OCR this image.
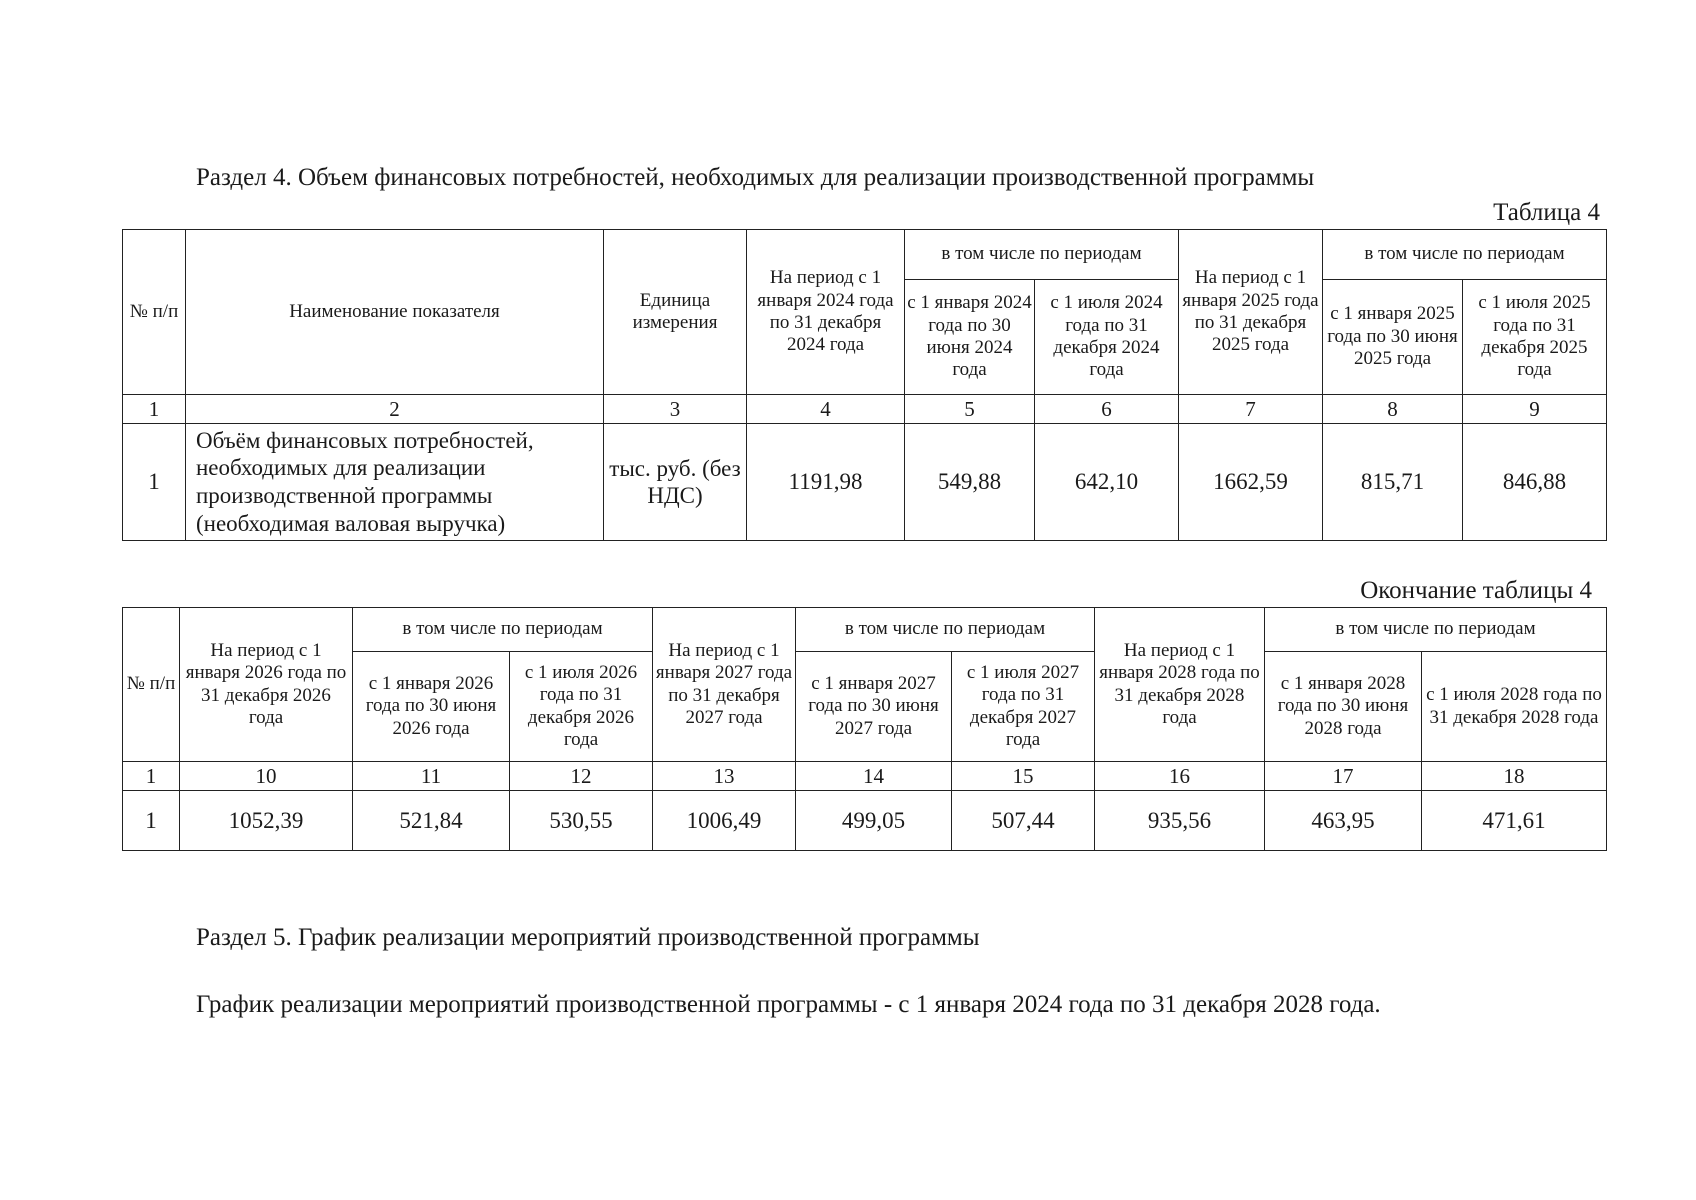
Раздел 4. Объем финансовых потребностей, необходимых для реализации производственной программы
Таблица 4
№ п/п	Наименование показателя	Единица измерения	На период с 1 января 2024 года по 31 декабря 2024 года	в том числе по периодам		На период с 1 января 2025 года по 31 декабря 2025 года	в том числе по периодам	
				с 1 января 2024 года по 30 июня 2024 года	с 1 июля 2024 года по 31 декабря 2024 года		с 1 января 2025 года по 30 июня 2025 года	с 1 июля 2025 года по 31 декабря 2025 года
1	2	3	4	5	6	7	8	9
1	Объём финансовых потребностей, необходимых для реализации производственной программы (необходимая валовая выручка)	тыс. руб. (без НДС)	1191,98	549,88	642,10	1662,59	815,71	846,88
Окончание таблицы 4
№ п/п	На период с 1 января 2026 года по 31 декабря 2026 года	в том числе по периодам		На период с 1 января 2027 года по 31 декабря 2027 года	в том числе по периодам		На период с 1 января 2028 года по 31 декабря 2028 года	в том числе по периодам	
		с 1 января 2026 года по 30 июня 2026 года	с 1 июля 2026 года по 31 декабря 2026 года		с 1 января 2027 года по 30 июня 2027 года	с 1 июля 2027 года по 31 декабря 2027 года		с 1 января 2028 года по 30 июня 2028 года	с 1 июля 2028 года по 31 декабря 2028 года
1	10	11	12	13	14	15	16	17	18
1	1052,39	521,84	530,55	1006,49	499,05	507,44	935,56	463,95	471,61
Раздел 5. График реализации мероприятий производственной программы
График реализации мероприятий производственной программы - с 1 января 2024 года по 31 декабря 2028 года.
